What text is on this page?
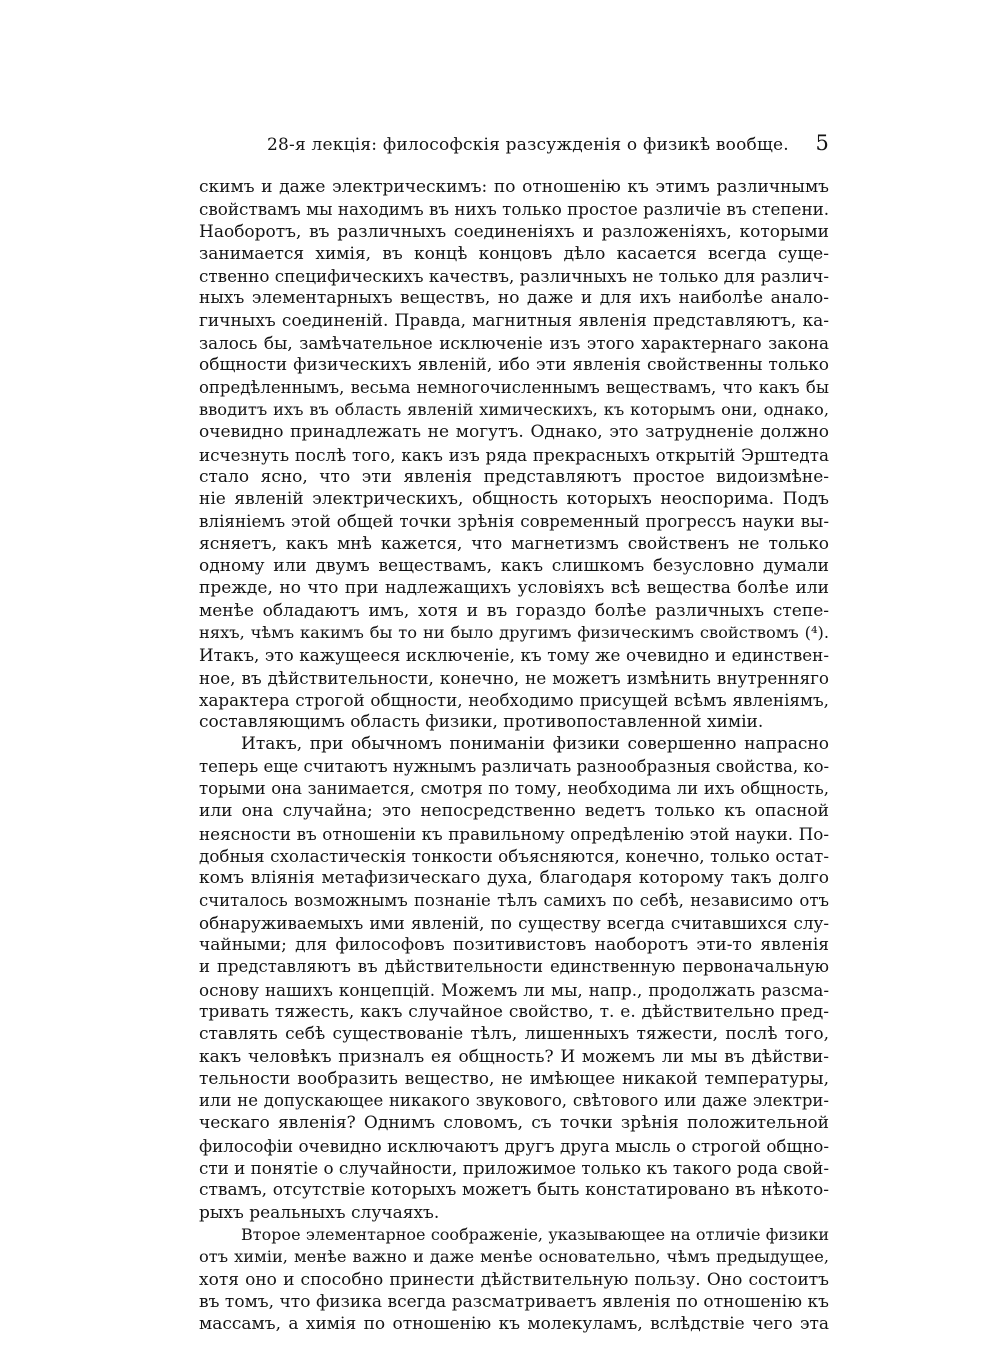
28-я лекція: философскія разсужденія о физикѣ вообще. 5
скимъ и даже электрическимъ: по отношенію къ этимъ различнымъ
свойствамъ мы находимъ въ нихъ только простое различіе въ степени.
Наоборотъ, въ различныхъ соединеніяхъ и разложеніяхъ, которыми
занимается химія, въ концѣ концовъ дѣло касается всегда суще-
ственно специфическихъ качествъ, различныхъ не только для различ-
ныхъ элементарныхъ веществъ, но даже и для ихъ наиболѣе анало-
гичныхъ соединеній. Правда, магнитныя явленія представляютъ, ка-
залось бы, замѣчательное исключеніе изъ этого характернаго закона
общности физическихъ явленій, ибо эти явленія свойственны только
опредѣленнымъ, весьма немногочисленнымъ веществамъ, что какъ бы
вводитъ ихъ въ область явленій химическихъ, къ которымъ они, однако,
очевидно принадлежать не могутъ. Однако, это затрудненіе должно
исчезнуть послѣ того, какъ изъ ряда прекрасныхъ открытій Эрштедта
стало ясно, что эти явленія представляютъ простое видоизмѣне-
ніе явленій электрическихъ, общность которыхъ неоспорима. Подъ
вліяніемъ этой общей точки зрѣнія современный прогрессъ науки вы-
ясняетъ, какъ мнѣ кажется, что магнетизмъ свойственъ не только
одному или двумъ веществамъ, какъ слишкомъ безусловно думали
прежде, но что при надлежащихъ условіяхъ всѣ вещества болѣе или
менѣе обладаютъ имъ, хотя и въ гораздо болѣе различныхъ степе-
няхъ, чѣмъ какимъ бы то ни было другимъ физическимъ свойствомъ (⁴).
Итакъ, это кажущееся исключеніе, къ тому же очевидно и единствен-
ное, въ дѣйствительности, конечно, не можетъ измѣнить внутренняго
характера строгой общности, необходимо присущей всѣмъ явленіямъ,
составляющимъ область физики, противопоставленной химіи.
Итакъ, при обычномъ пониманіи физики совершенно напрасно
теперь еще считаютъ нужнымъ различать разнообразныя свойства, ко-
торыми она занимается, смотря по тому, необходима ли ихъ общность,
или она случайна; это непосредственно ведетъ только къ опасной
неясности въ отношеніи къ правильному опредѣленію этой науки. По-
добныя схоластическія тонкости объясняются, конечно, только остат-
комъ вліянія метафизическаго духа, благодаря которому такъ долго
считалось возможнымъ познаніе тѣлъ самихъ по себѣ, независимо отъ
обнаруживаемыхъ ими явленій, по существу всегда считавшихся слу-
чайными; для философовъ позитивистовъ наоборотъ эти-то явленія
и представляютъ въ дѣйствительности единственную первоначальную
основу нашихъ концепцій. Можемъ ли мы, напр., продолжать разсма-
тривать тяжесть, какъ случайное свойство, т. е. дѣйствительно пред-
ставлять себѣ существованіе тѣлъ, лишенныхъ тяжести, послѣ того,
какъ человѣкъ призналъ ея общность? И можемъ ли мы въ дѣйстви-
тельности вообразить вещество, не имѣющее никакой температуры,
или не допускающее никакого звукового, свѣтового или даже электри-
ческаго явленія? Однимъ словомъ, съ точки зрѣнія положительной
философіи очевидно исключаютъ другъ друга мысль о строгой общно-
сти и понятіе о случайности, приложимое только къ такого рода свой-
ствамъ, отсутствіе которыхъ можетъ быть констатировано въ нѣкото-
рыхъ реальныхъ случаяхъ.
Второе элементарное соображеніе, указывающее на отличіе физики
отъ химіи, менѣе важно и даже менѣе основательно, чѣмъ предыдущее,
хотя оно и способно принести дѣйствительную пользу. Оно состоитъ
въ томъ, что физика всегда разсматриваетъ явленія по отношенію къ
массамъ, а химія по отношенію къ молекуламъ, вслѣдствіе чего эта
